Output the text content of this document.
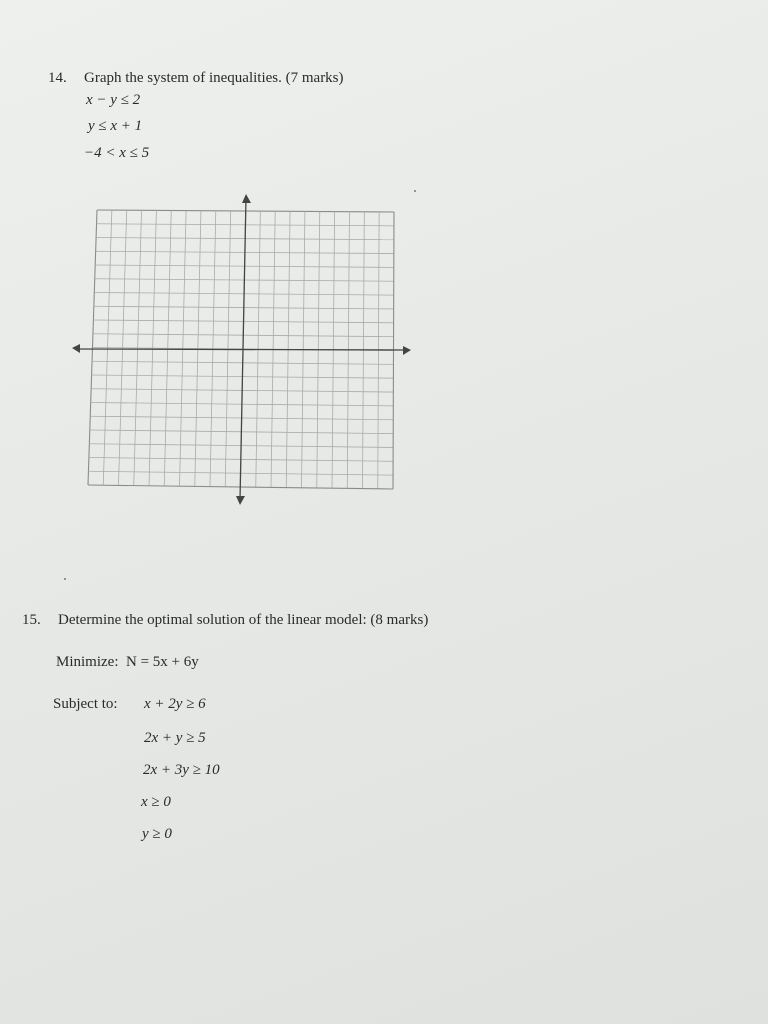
14. Graph the system of inequalities. (7 marks)
x − y ≤ 2
y ≤ x + 1
−4 < x ≤ 5
15. Determine the optimal solution of the linear model: (8 marks)
Minimize:  N = 5x + 6y
Subject to: x + 2y ≥ 6
2x + y ≥ 5
2x + 3y ≥ 10
x ≥ 0
y ≥ 0
